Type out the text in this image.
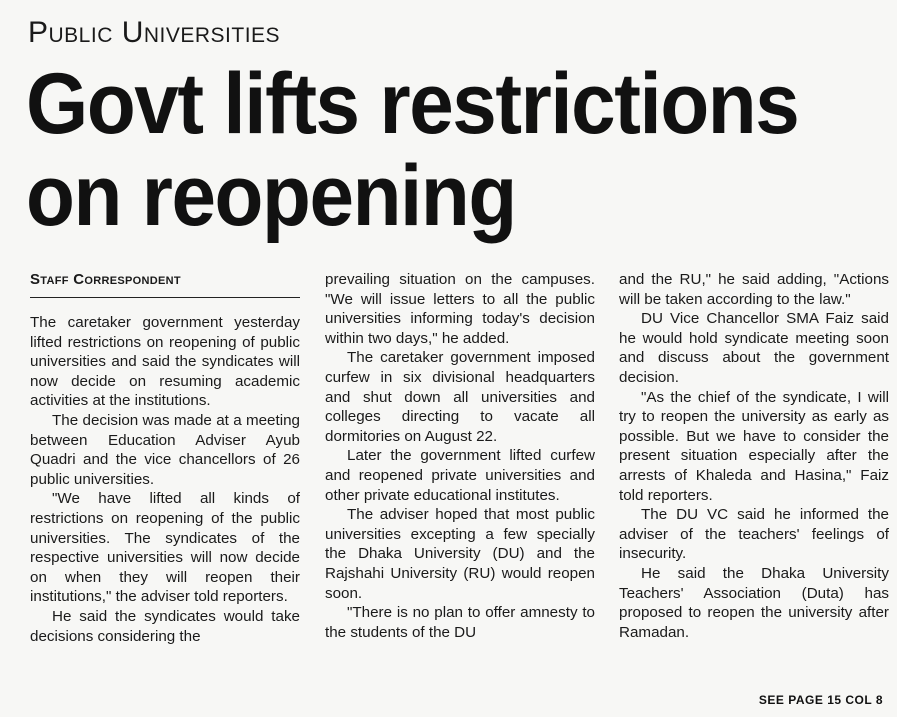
Public Universities
Govt lifts restrictions
on reopening
Staff Correspondent

The caretaker government yesterday lifted restrictions on reopening of public universities and said the syndicates will now decide on resuming academic activities at the institutions.

The decision was made at a meeting between Education Adviser Ayub Quadri and the vice chancellors of 26 public universities.

"We have lifted all kinds of restrictions on reopening of the public universities. The syndicates of the respective universities will now decide on when they will reopen their institutions," the adviser told reporters.

He said the syndicates would take decisions considering the

prevailing situation on the campuses. "We will issue letters to all the public universities informing today's decision within two days," he added.

The caretaker government imposed curfew in six divisional headquarters and shut down all universities and colleges directing to vacate all dormitories on August 22.

Later the government lifted curfew and reopened private universities and other private educational institutes.

The adviser hoped that most public universities excepting a few specially the Dhaka University (DU) and the Rajshahi University (RU) would reopen soon.

"There is no plan to offer amnesty to the students of the DU

and the RU," he said adding, "Actions will be taken according to the law."

DU Vice Chancellor SMA Faiz said he would hold syndicate meeting soon and discuss about the government decision.

"As the chief of the syndicate, I will try to reopen the university as early as possible. But we have to consider the present situation especially after the arrests of Khaleda and Hasina," Faiz told reporters.

The DU VC said he informed the adviser of the teachers' feelings of insecurity.

He said the Dhaka University Teachers' Association (Duta) has proposed to reopen the university after Ramadan.

SEE PAGE 15 COL 8
